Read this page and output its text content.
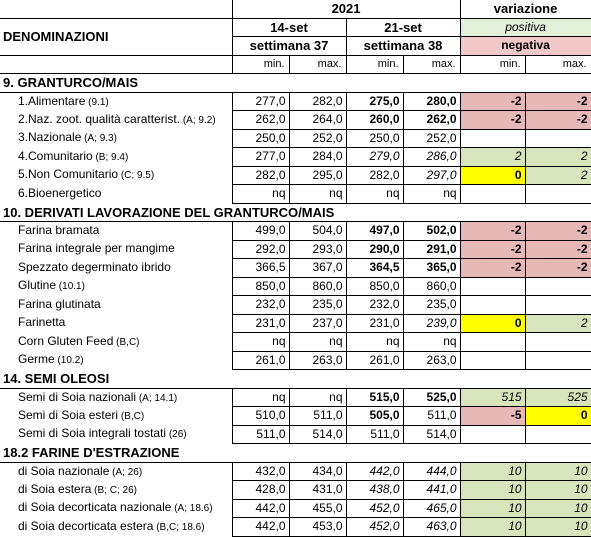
	2021				variazione	
DENOMINAZIONI	14-set		21-set		positiva	
	settimana 37		settimana 38		negativa	
	min.	max.	min.	max.	min.	max.
9. GRANTURCO/MAIS						
1.Alimentare (9.1)	277,0	282,0	275,0	280,0	-2	-2
2.Naz. zoot. qualità caratterist. (A; 9.2)	262,0	264,0	260,0	262,0	-2	-2
3.Nazionale (A; 9.3)	250,0	252,0	250,0	252,0		
4.Comunitario (B; 9.4)	277,0	284,0	279,0	286,0	2	2
5.Non Comunitario (C; 9.5)	282,0	295,0	282,0	297,0	0	2
6.Bioenergetico	nq	nq	nq	nq		
10. DERIVATI LAVORAZIONE DEL GRANTURCO/MAIS						
Farina bramata	499,0	504,0	497,0	502,0	-2	-2
Farina integrale per mangime	292,0	293,0	290,0	291,0	-2	-2
Spezzato degerminato ibrido	366,5	367,0	364,5	365,0	-2	-2
Glutine (10.1)	850,0	860,0	850,0	860,0		
Farina glutinata	232,0	235,0	232,0	235,0		
Farinetta	231,0	237,0	231,0	239,0	0	2
Corn Gluten Feed (B,C)	nq	nq	nq	nq		
Germe (10.2)	261,0	263,0	261,0	263,0		
14. SEMI OLEOSI						
Semi di Soia nazionali (A; 14.1)	nq	nq	515,0	525,0	515	525
Semi di Soia esteri (B,C)	510,0	511,0	505,0	511,0	-5	0
Semi di Soia integrali tostati (26)	511,0	514,0	511,0	514,0		
18.2 FARINE D'ESTRAZIONE						
di Soia nazionale (A; 26)	432,0	434,0	442,0	444,0	10	10
di Soia estera (B; C; 26)	428,0	431,0	438,0	441,0	10	10
di Soia decorticata nazionale (A; 18.6)	442,0	455,0	452,0	465,0	10	10
di Soia decorticata estera (B,C; 18.6)	442,0	453,0	452,0	463,0	10	10
